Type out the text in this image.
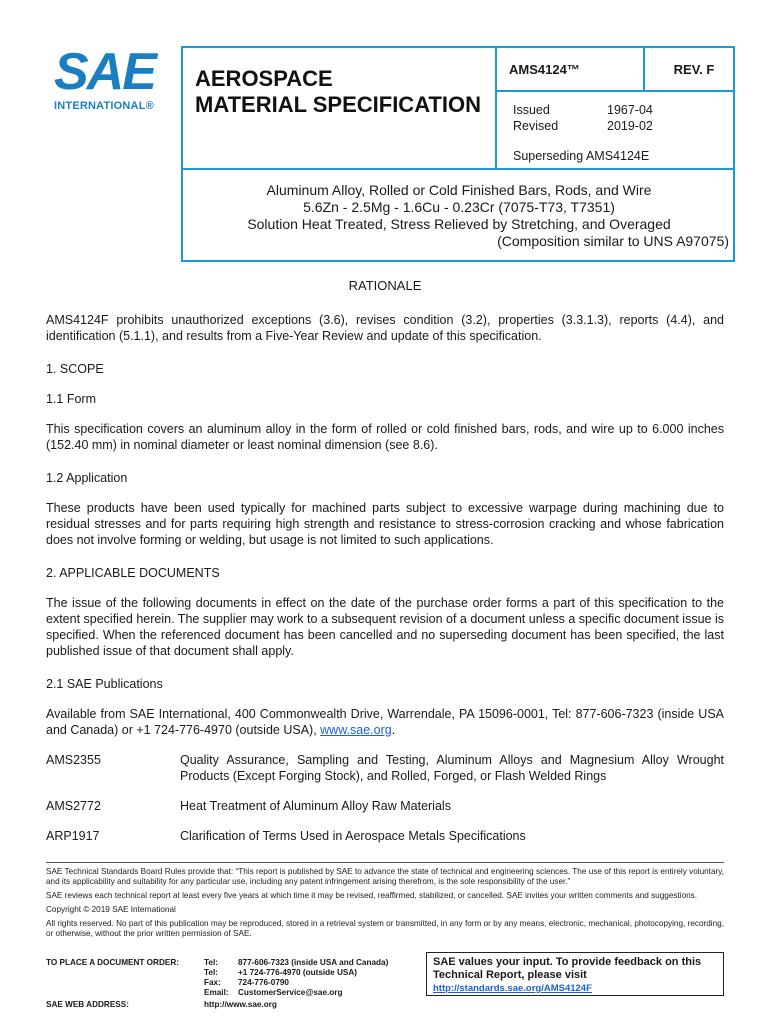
SAE
INTERNATIONAL®
AEROSPACE
MATERIAL SPECIFICATION
AMS4124™	REV. F
Issued	1967-04
Revised	2019-02
Superseding AMS4124E
Aluminum Alloy, Rolled or Cold Finished Bars, Rods, and Wire
5.6Zn - 2.5Mg - 1.6Cu - 0.23Cr (7075-T73, T7351)
Solution Heat Treated, Stress Relieved by Stretching, and Overaged
(Composition similar to UNS A97075)
RATIONALE

AMS4124F prohibits unauthorized exceptions (3.6), revises condition (3.2), properties (3.3.1.3), reports (4.4), and identification (5.1.1), and results from a Five-Year Review and update of this specification.

1. SCOPE
1.1 Form

This specification covers an aluminum alloy in the form of rolled or cold finished bars, rods, and wire up to 6.000 inches (152.40 mm) in nominal diameter or least nominal dimension (see 8.6).

1.2 Application

These products have been used typically for machined parts subject to excessive warpage during machining due to residual stresses and for parts requiring high strength and resistance to stress-corrosion cracking and whose fabrication does not involve forming or welding, but usage is not limited to such applications.

2. APPLICABLE DOCUMENTS

The issue of the following documents in effect on the date of the purchase order forms a part of this specification to the extent specified herein. The supplier may work to a subsequent revision of a document unless a specific document issue is specified. When the referenced document has been cancelled and no superseding document has been specified, the last published issue of that document shall apply.

2.1 SAE Publications

Available from SAE International, 400 Commonwealth Drive, Warrendale, PA 15096-0001, Tel: 877-606-7323 (inside USA and Canada) or +1 724-776-4970 (outside USA), www.sae.org.

AMS2355	Quality Assurance, Sampling and Testing, Aluminum Alloys and Magnesium Alloy Wrought Products (Except Forging Stock), and Rolled, Forged, or Flash Welded Rings
AMS2772	Heat Treatment of Aluminum Alloy Raw Materials
ARP1917	Clarification of Terms Used in Aerospace Metals Specifications

SAE Technical Standards Board Rules provide that: “This report is published by SAE to advance the state of technical and engineering sciences. The use of this report is entirely voluntary, and its applicability and suitability for any particular use, including any patent infringement arising therefrom, is the sole responsibility of the user.”

SAE reviews each technical report at least every five years at which time it may be revised, reaffirmed, stabilized, or cancelled. SAE invites your written comments and suggestions.

Copyright © 2019 SAE International

All rights reserved. No part of this publication may be reproduced, stored in a retrieval system or transmitted, in any form or by any means, electronic, mechanical, photocopying, recording, or otherwise, without the prior written permission of SAE.

TO PLACE A DOCUMENT ORDER:	Tel:	877-606-7323 (inside USA and Canada)
Tel:	+1 724-776-4970 (outside USA)
Fax:	724-776-0790
Email:	CustomerService@sae.org
SAE WEB ADDRESS:	http://www.sae.org
SAE values your input. To provide feedback on this
Technical Report, please visit
http://standards.sae.org/AMS4124F
